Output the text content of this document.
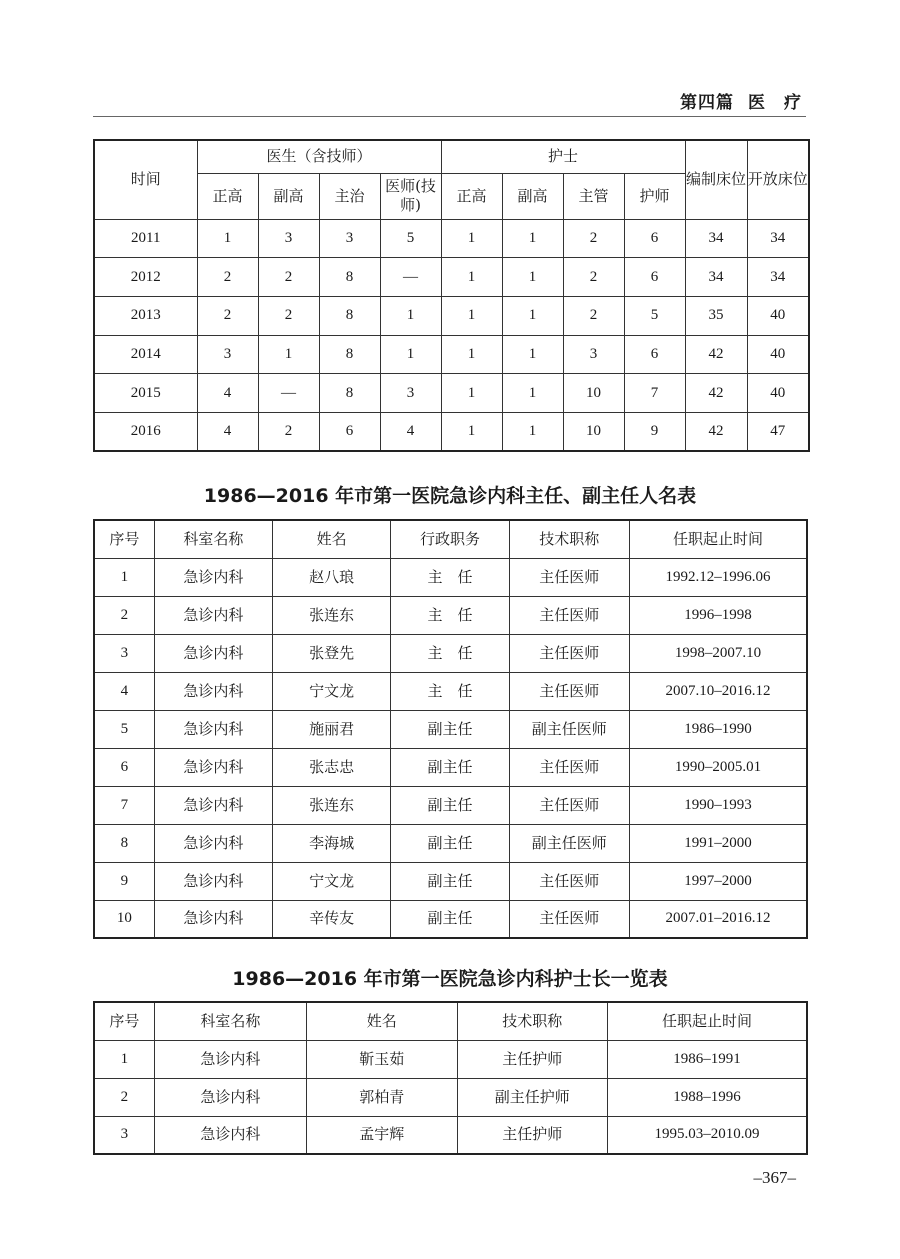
第四篇 医　疗
时间	医生（含技师）				护士				编制床位	开放床位
	正高	副高	主治	医师(技师)	正高	副高	主管	护师		
2011	1	3	3	5	1	1	2	6	34	34
2012	2	2	8	—	1	1	2	6	34	34
2013	2	2	8	1	1	1	2	5	35	40
2014	3	1	8	1	1	1	3	6	42	40
2015	4	—	8	3	1	1	10	7	42	40
2016	4	2	6	4	1	1	10	9	42	47
1986—2016 年市第一医院急诊内科主任、副主任人名表
序号	科室名称	姓名	行政职务	技术职称	任职起止时间
1	急诊内科	赵八琅	主　任	主任医师	1992.12–1996.06
2	急诊内科	张连东	主　任	主任医师	1996–1998
3	急诊内科	张登先	主　任	主任医师	1998–2007.10
4	急诊内科	宁文龙	主　任	主任医师	2007.10–2016.12
5	急诊内科	施丽君	副主任	副主任医师	1986–1990
6	急诊内科	张志忠	副主任	主任医师	1990–2005.01
7	急诊内科	张连东	副主任	主任医师	1990–1993
8	急诊内科	李海城	副主任	副主任医师	1991–2000
9	急诊内科	宁文龙	副主任	主任医师	1997–2000
10	急诊内科	辛传友	副主任	主任医师	2007.01–2016.12
1986—2016 年市第一医院急诊内科护士长一览表
序号	科室名称	姓名	技术职称	任职起止时间
1	急诊内科	靳玉茹	主任护师	1986–1991
2	急诊内科	郭柏青	副主任护师	1988–1996
3	急诊内科	孟宇辉	主任护师	1995.03–2010.09
–367–
